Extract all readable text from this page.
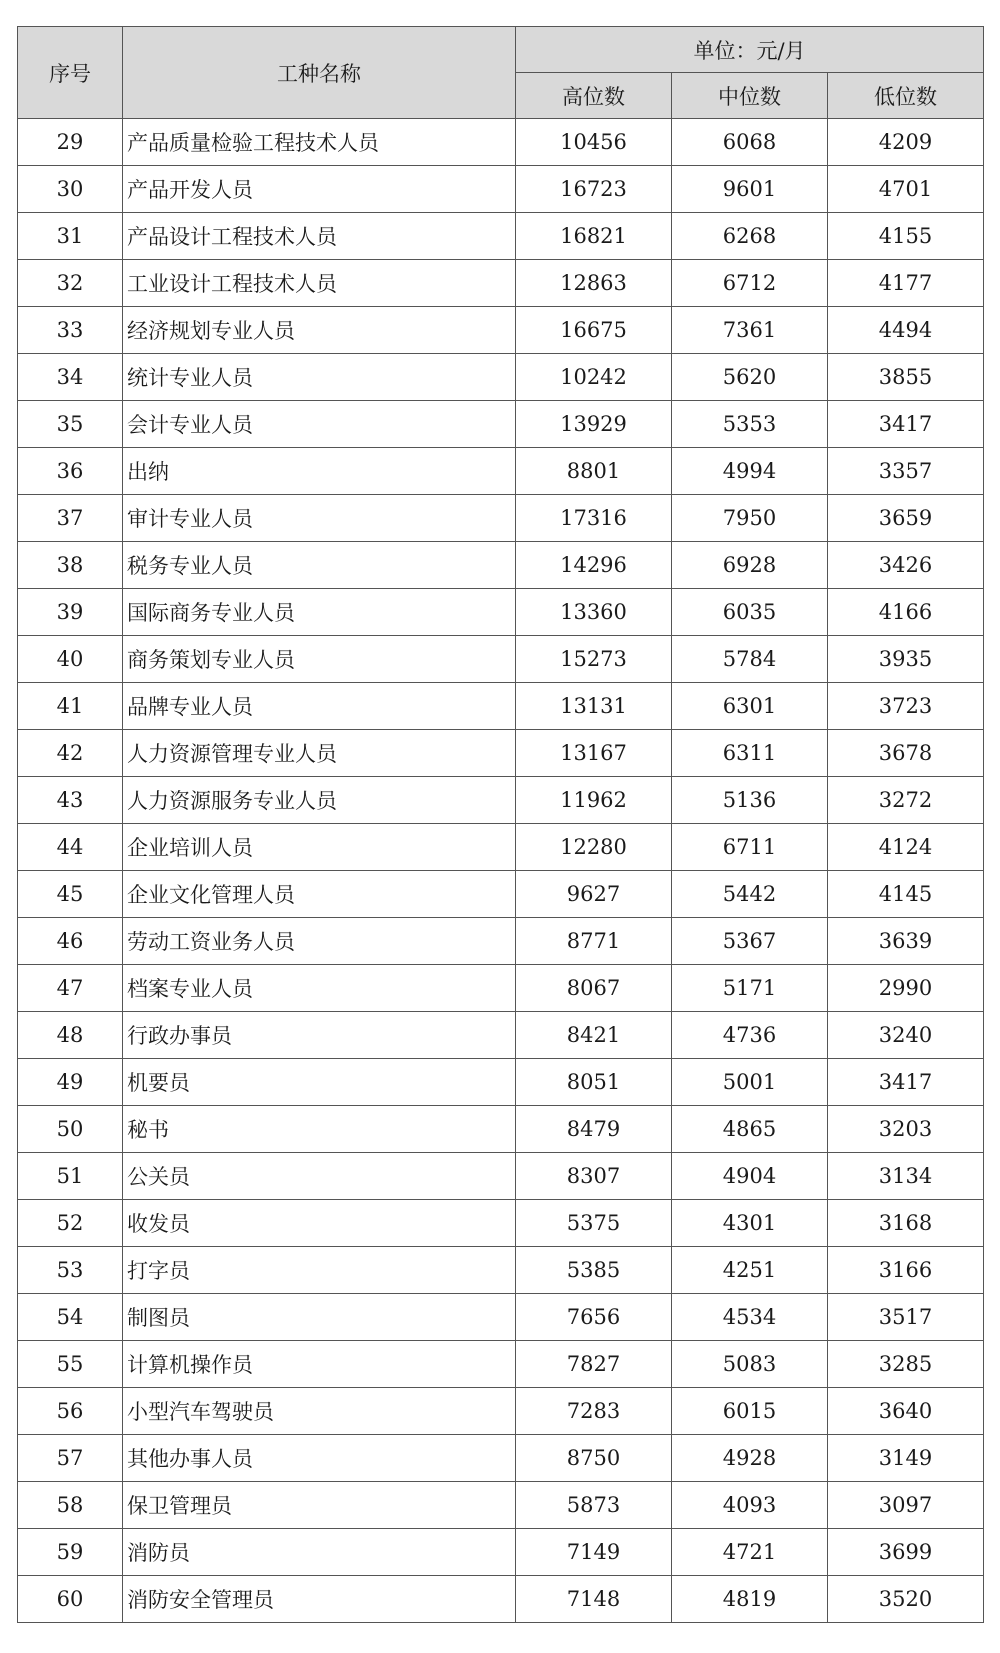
序号	工种名称	单位：元/月		
		高位数	中位数	低位数
29	产品质量检验工程技术人员	10456	6068	4209
30	产品开发人员	16723	9601	4701
31	产品设计工程技术人员	16821	6268	4155
32	工业设计工程技术人员	12863	6712	4177
33	经济规划专业人员	16675	7361	4494
34	统计专业人员	10242	5620	3855
35	会计专业人员	13929	5353	3417
36	出纳	8801	4994	3357
37	审计专业人员	17316	7950	3659
38	税务专业人员	14296	6928	3426
39	国际商务专业人员	13360	6035	4166
40	商务策划专业人员	15273	5784	3935
41	品牌专业人员	13131	6301	3723
42	人力资源管理专业人员	13167	6311	3678
43	人力资源服务专业人员	11962	5136	3272
44	企业培训人员	12280	6711	4124
45	企业文化管理人员	9627	5442	4145
46	劳动工资业务人员	8771	5367	3639
47	档案专业人员	8067	5171	2990
48	行政办事员	8421	4736	3240
49	机要员	8051	5001	3417
50	秘书	8479	4865	3203
51	公关员	8307	4904	3134
52	收发员	5375	4301	3168
53	打字员	5385	4251	3166
54	制图员	7656	4534	3517
55	计算机操作员	7827	5083	3285
56	小型汽车驾驶员	7283	6015	3640
57	其他办事人员	8750	4928	3149
58	保卫管理员	5873	4093	3097
59	消防员	7149	4721	3699
60	消防安全管理员	7148	4819	3520
